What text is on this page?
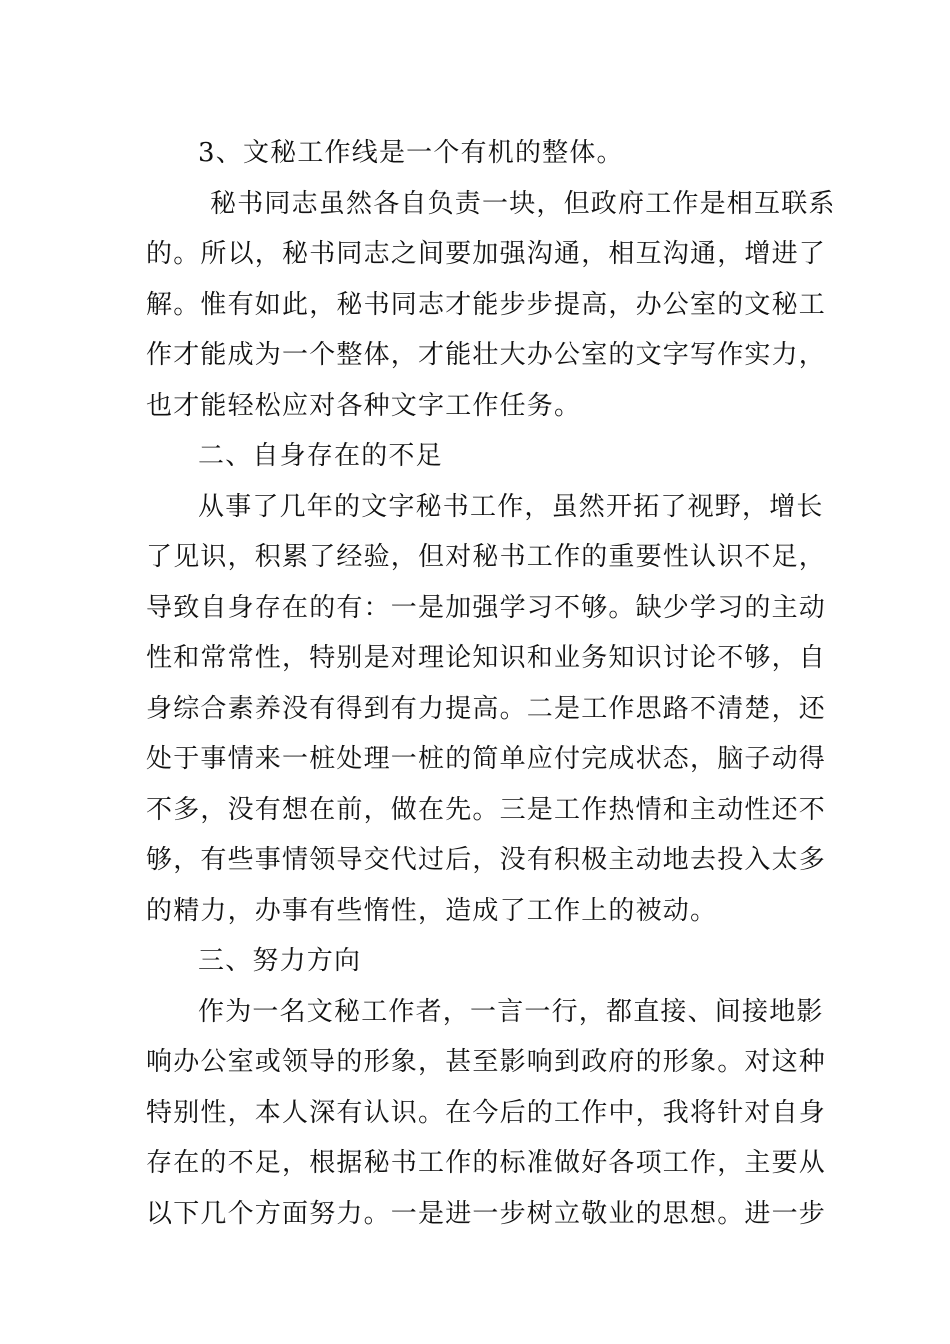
3、文秘工作线是一个有机的整体。
秘书同志虽然各自负责一块，但政府工作是相互联系
的。所以，秘书同志之间要加强沟通，相互沟通，增进了
解。惟有如此，秘书同志才能步步提高，办公室的文秘工
作才能成为一个整体，才能壮大办公室的文字写作实力，
也才能轻松应对各种文字工作任务。
二、自身存在的不足
从事了几年的文字秘书工作，虽然开拓了视野，增长
了见识，积累了经验，但对秘书工作的重要性认识不足，
导致自身存在的有：一是加强学习不够。缺少学习的主动
性和常常性，特别是对理论知识和业务知识讨论不够，自
身综合素养没有得到有力提高。二是工作思路不清楚，还
处于事情来一桩处理一桩的简单应付完成状态，脑子动得
不多，没有想在前，做在先。三是工作热情和主动性还不
够，有些事情领导交代过后，没有积极主动地去投入太多
的精力，办事有些惰性，造成了工作上的被动。
三、努力方向
作为一名文秘工作者，一言一行，都直接、间接地影
响办公室或领导的形象，甚至影响到政府的形象。对这种
特别性，本人深有认识。在今后的工作中，我将针对自身
存在的不足，根据秘书工作的标准做好各项工作，主要从
以下几个方面努力。一是进一步树立敬业的思想。进一步
